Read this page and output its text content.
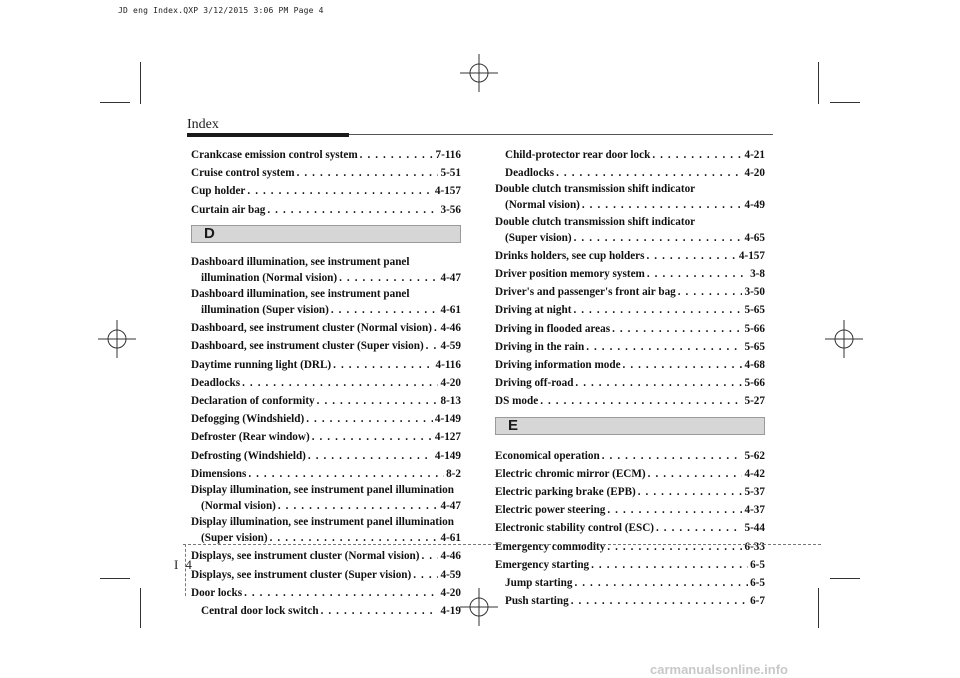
JD eng Index.QXP 3/12/2015 3:06 PM Page 4
Index
Crankcase emission control system . . .	7-116
Cruise control system . . .	5-51
Cup holder . . .	4-157
Curtain air bag . . .	3-56
D
Dashboard illumination, see instrument panel
illumination (Normal vision) . . .	4-47
Dashboard illumination, see instrument panel
illumination (Super vision) . . .	4-61
Dashboard, see instrument cluster (Normal vision) . . . 4-46
Dashboard, see instrument cluster (Super vision) . . . 4-59
Daytime running light (DRL) . . .	4-116
Deadlocks . . .	4-20
Declaration of conformity . . .	8-13
Defogging (Windshield) . . .	4-149
Defroster (Rear window) . . .	4-127
Defrosting (Windshield) . . .	4-149
Dimensions . . .	8-2
Display illumination, see instrument panel illumination
(Normal vision) . . .	4-47
Display illumination, see instrument panel illumination
(Super vision) . . .	4-61
Displays, see instrument cluster (Normal vision) . . . 4-46
Displays, see instrument cluster (Super vision) . . .	4-59
Door locks . . .	4-20
Central door lock switch . . .	4-19
Child-protector rear door lock . . .	4-21
Deadlocks . . .	4-20
Double clutch transmission shift indicator
(Normal vision) . . .	4-49
Double clutch transmission shift indicator
(Super vision) . . .	4-65
Drinks holders, see cup holders . . .	4-157
Driver position memory system . . .	3-8
Driver's and passenger's front air bag . . .	3-50
Driving at night . . .	5-65
Driving in flooded areas . . .	5-66
Driving in the rain . . .	5-65
Driving information mode . . .	4-68
Driving off-road . . .	5-66
DS mode . . .	5-27
E
Economical operation . . .	5-62
Electric chromic mirror (ECM) . . .	4-42
Electric parking brake (EPB) . . .	5-37
Electric power steering . . .	4-37
Electronic stability control (ESC) . . .	5-44
Emergency commodity . . .	6-33
Emergency starting . . .	6-5
Jump starting . . .	6-5
Push starting . . .	6-7
I 4
carmanualsonline.info
